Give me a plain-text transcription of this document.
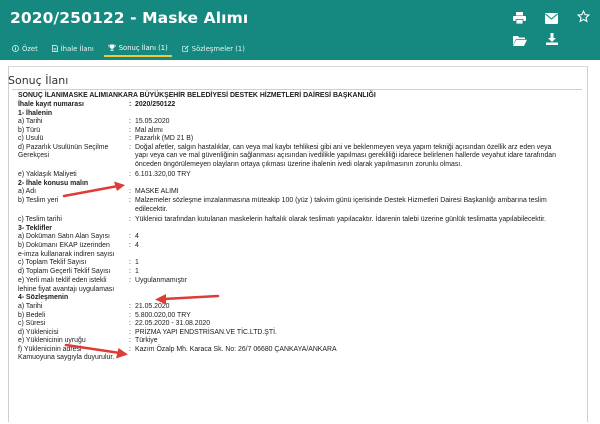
2020/250122 - Maske Alımı
Özet	İhale İlanı	Sonuç İlanı (1)	Sözleşmeler (1)
Sonuç İlanı
SONUÇ İLANIMASKE ALIMIANKARA BÜYÜKŞEHİR BELEDİYESİ DESTEK HİZMETLERİ DAİRESİ BAŞKANLIĞI
İhale kayıt numarası	: 2020/250122
1- İhalenin
a) Tarihi	: 15.05.2020
b) Türü	: Mal alımı
c) Usulü	: Pazarlık (MD 21 B)
d) Pazarlık Usulünün Seçilme
Gerekçesi
: Doğal afetler, salgın hastalıklar, can veya mal kaybı tehlikesi gibi ani ve beklenmeyen veya yapım tekniği açısından özellik arz eden veya
yapı veya can ve mal güvenliğinin sağlanması açısından ivedilikle yapılması gerekliliği idarece belirlenen hallerde veyahut idare tarafından
önceden öngörülemeyen olayların ortaya çıkması üzerine ihalenin ivedi olarak yapılmasının zorunlu olması.
e) Yaklaşık Maliyeti	: 6.101.320,00 TRY
2- İhale konusu malın
a) Adı	: MASKE ALIMI
b) Teslim yeri	: Malzemeler sözleşme imzalanmasına müteakip 100 (yüz ) takvim günü içerisinde Destek Hizmetleri Dairesi Başkanlığı ambarına teslim
edilecektir.
c) Teslim tarihi	: Yüklenici tarafından kutulanan maskelerin haftalık olarak teslimatı yapılacaktır. İdarenin talebi üzerine günlük teslimatta yapılabilecektir.
3- Teklifler
a) Doküman Satın Alan Sayısı	: 4
b) Dokümanı EKAP üzerinden
e-imza kullanarak indiren sayısı
: 4
c) Toplam Teklif Sayısı	: 1
d) Toplam Geçerli Teklif Sayısı	: 1
e) Yerli malı teklif eden istekli
lehine fiyat avantajı uygulaması
: Uygulanmamıştır
4- Sözleşmenin
a) Tarihi	: 21.05.2020
b) Bedeli	: 5.800.020,00 TRY
c) Süresi	: 22.05.2020 - 31.08.2020
d) Yüklenicisi	: PRİZMA YAPI ENDSTRİSAN.VE TİC.LTD.ŞTİ.
e) Yüklenicinin uyruğu	: Türkiye
f) Yüklenicinin adresi	: Kazım Özalp Mh. Karaca Sk. No: 26/7 06680 ÇANKAYA/ANKARA
Kamuoyuna saygıyla duyurulur.
